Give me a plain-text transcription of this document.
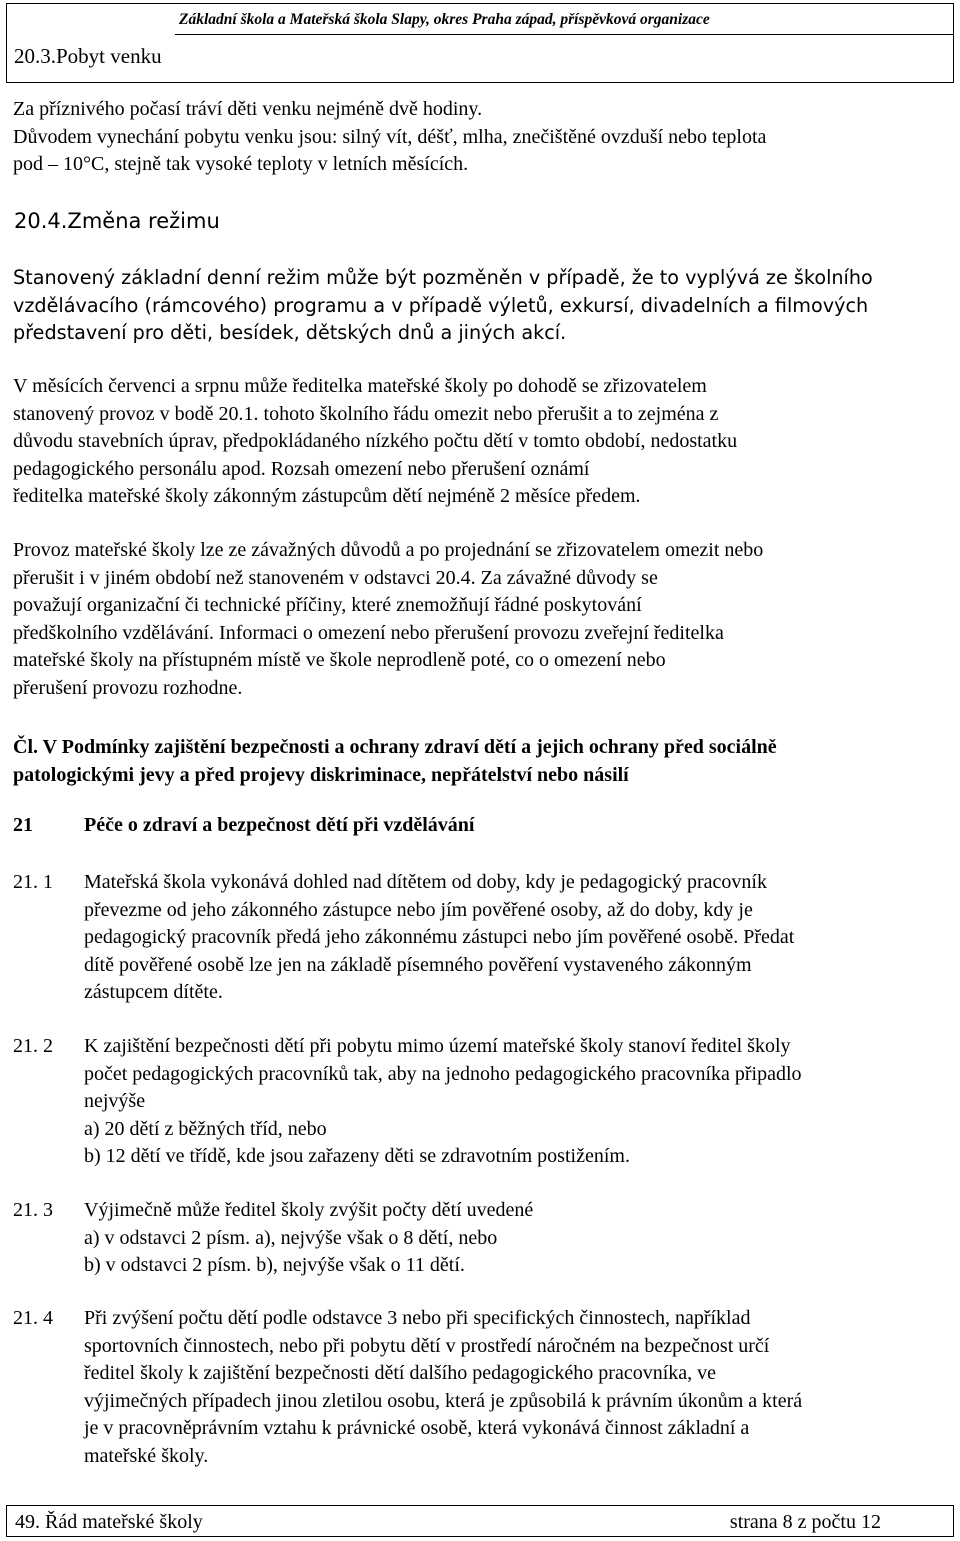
Základní škola a Mateřská škola Slapy, okres Praha západ, příspěvková organizace
20.3.Pobyt venku

Za příznivého počasí tráví děti venku nejméně dvě hodiny.
Důvodem vynechání pobytu venku jsou: silný vít, déšť, mlha, znečištěné ovzduší nebo teplota
pod – 10°C, stejně tak vysoké teploty v letních měsících.

20.4.Změna režimu

Stanovený základní denní režim může být pozměněn v případě, že to vyplývá ze školního
vzdělávacího (rámcového) programu a v případě výletů, exkursí, divadelních a filmových
představení pro děti, besídek, dětských dnů a jiných akcí.

V měsících červenci a srpnu může ředitelka mateřské školy po dohodě se zřizovatelem
stanovený provoz v bodě 20.1. tohoto školního řádu omezit nebo přerušit a to zejména z
důvodu stavebních úprav, předpokládaného nízkého počtu dětí v tomto období, nedostatku
pedagogického personálu apod. Rozsah omezení nebo přerušení oznámí
ředitelka mateřské školy zákonným zástupcům dětí nejméně 2 měsíce předem.

Provoz mateřské školy lze ze závažných důvodů a po projednání se zřizovatelem omezit nebo
přerušit i v jiném období než stanoveném v odstavci 20.4. Za závažné důvody se
považují organizační či technické příčiny, které znemožňují řádné poskytování
předškolního vzdělávání. Informaci o omezení nebo přerušení provozu zveřejní ředitelka
mateřské školy na přístupném místě ve škole neprodleně poté, co o omezení nebo
přerušení provozu rozhodne.

Čl. V Podmínky zajištění bezpečnosti a ochrany zdraví dětí a jejich ochrany před sociálně
patologickými jevy a před projevy diskriminace, nepřátelství nebo násilí
21	Péče o zdraví a bezpečnost dětí při vzdělávání
21. 1 Mateřská škola vykonává dohled nad dítětem od doby, kdy je pedagogický pracovník
převezme od jeho zákonného zástupce nebo jím pověřené osoby, až do doby, kdy je
pedagogický pracovník předá jeho zákonnému zástupci nebo jím pověřené osobě. Předat
dítě pověřené osobě lze jen na základě písemného pověření vystaveného zákonným
zástupcem dítěte.

21. 2 K zajištění bezpečnosti dětí při pobytu mimo území mateřské školy stanoví ředitel školy
počet pedagogických pracovníků tak, aby na jednoho pedagogického pracovníka připadlo
nejvýše
a) 20 dětí z běžných tříd, nebo
b) 12 dětí ve třídě, kde jsou zařazeny děti se zdravotním postižením.

21. 3 Výjimečně může ředitel školy zvýšit počty dětí uvedené
a) v odstavci 2 písm. a), nejvýše však o 8 dětí, nebo
b) v odstavci 2 písm. b), nejvýše však o 11 dětí.

21. 4 Při zvýšení počtu dětí podle odstavce 3 nebo při specifických činnostech, například
sportovních činnostech, nebo při pobytu dětí v prostředí náročném na bezpečnost určí
ředitel školy k zajištění bezpečnosti dětí dalšího pedagogického pracovníka, ve
výjimečných případech jinou zletilou osobu, která je způsobilá k právním úkonům a která
je v pracovněprávním vztahu k právnické osobě, která vykonává činnost základní a
mateřské školy.

49. Řád mateřské školy	strana 8 z počtu 12
